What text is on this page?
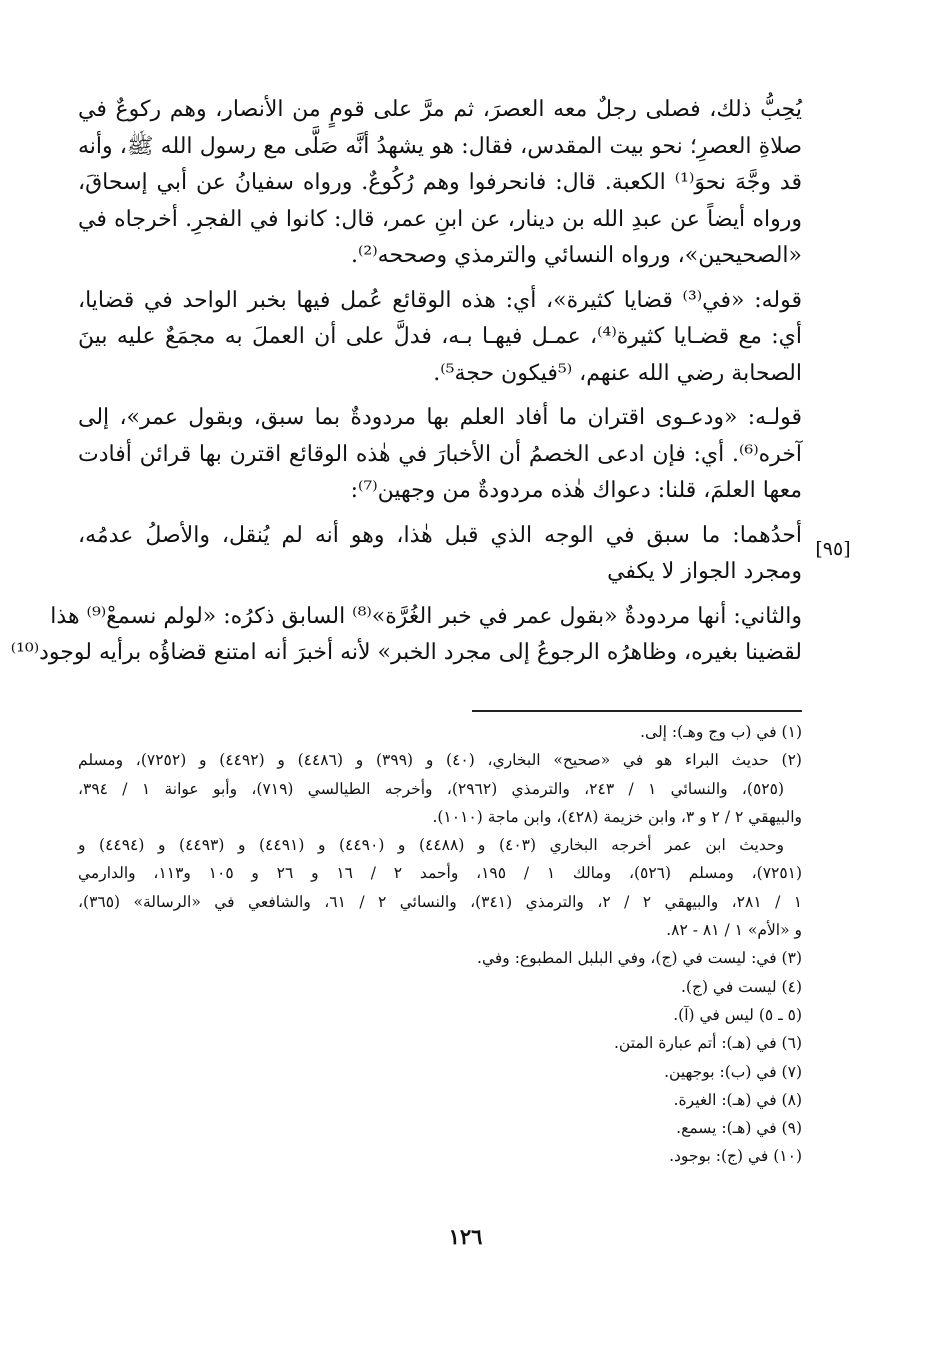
يُحِبُّ ذلك، فصلى رجلٌ معه العصرَ، ثم مرَّ على قومٍ من الأنصار، وهم ركوعٌ في
صلاةِ العصرِ؛ نحو بيت المقدس، فقال: هو يشهدُ أنَّه صَلَّى مع رسول الله ﷺ، وأنه
قد وجَّهَ نحوَ⁽¹⁾ الكعبة. قال: فانحرفوا وهم رُكُوعٌ. ورواه سفيانُ عن أبي إسحاقَ،
ورواه أيضاً عن عبدِ الله بن دينار، عن ابنِ عمر، قال: كانوا في الفجرِ. أخرجاه في
«الصحيحين»، ورواه النسائي والترمذي وصححه⁽²⁾.
قوله: «في⁽³⁾ قضايا كثيرة»، أي: هذه الوقائع عُمل فيها بخبر الواحد في قضايا،
أي: مع قضـايا كثيرة⁽⁴⁾، عمـل فيهـا بـه، فدلَّ على أن العملَ به مجمَعٌ عليه بينَ
الصحابة رضي الله عنهم، ⁽⁵فيكون حجة⁵⁾.
قولـه: «ودعـوى اقتران ما أفاد العلم بها مردودةٌ بما سبق، وبقول عمر»، إلى
آخره⁽⁶⁾. أي: فإن ادعى الخصمُ أن الأخبارَ في هٰذه الوقائع اقترن بها قرائن أفادت
معها العلمَ، قلنا: دعواك هٰذه مردودةٌ من وجهين⁽⁷⁾:
أحدُهما: ما سبق في الوجه الذي قبل هٰذا، وهو أنه لم يُنقل، والأصلُ عدمُه،
ومجرد الجواز لا يكفي
والثاني: أنها مردودةٌ «بقول عمر في خبر الغُرَّة»⁽⁸⁾ السابق ذكرُه: «لولم نسمعْ⁽⁹⁾ هذا
لقضينا بغيره، وظاهرُه الرجوعُ إلى مجرد الخبر» لأنه أخبرَ أنه امتنع قضاؤُه برأيه لوجود⁽¹⁰⁾
[٩٥]
(١) في (ب وج وهـ): إلى.
(٢) حديث البراء هو في «صحيح» البخاري، (٤٠) و (٣٩٩) و (٤٤٨٦) و (٤٤٩٢) و (٧٢٥٢)، ومسلم
(٥٢٥)، والنسائي ١ / ٢٤٣، والترمذي (٢٩٦٢)، وأخرجه الطيالسي (٧١٩)، وأبو عوانة ١ / ٣٩٤،
والبيهقي ٢ / ٢ و ٣، وابن خزيمة (٤٢٨)، وابن ماجة (١٠١٠).
وحديث ابن عمر أخرجه البخاري (٤٠٣) و (٤٤٨٨) و (٤٤٩٠) و (٤٤٩١) و (٤٤٩٣) و (٤٤٩٤) و
(٧٢٥١)، ومسلم (٥٢٦)، ومالك ١ / ١٩٥، وأحمد ٢ / ١٦ و ٢٦ و ١٠٥ و١١٣، والدارمي
١ / ٢٨١، والبيهقي ٢ / ٢، والترمذي (٣٤١)، والنسائي ٢ / ٦١، والشافعي في «الرسالة» (٣٦٥)،
و «الأم» ١ / ٨١ - ٨٢.
(٣) في: ليست في (ج)، وفي البلبل المطبوع: وفي.
(٤) ليست في (ج).
(٥ ـ ٥) ليس في (آ).
(٦) في (هـ): أتم عبارة المتن.
(٧) في (ب): بوجهين.
(٨) في (هـ): الغيرة.
(٩) في (هـ): يسمع.
(١٠) في (ج): بوجود.
١٢٦
